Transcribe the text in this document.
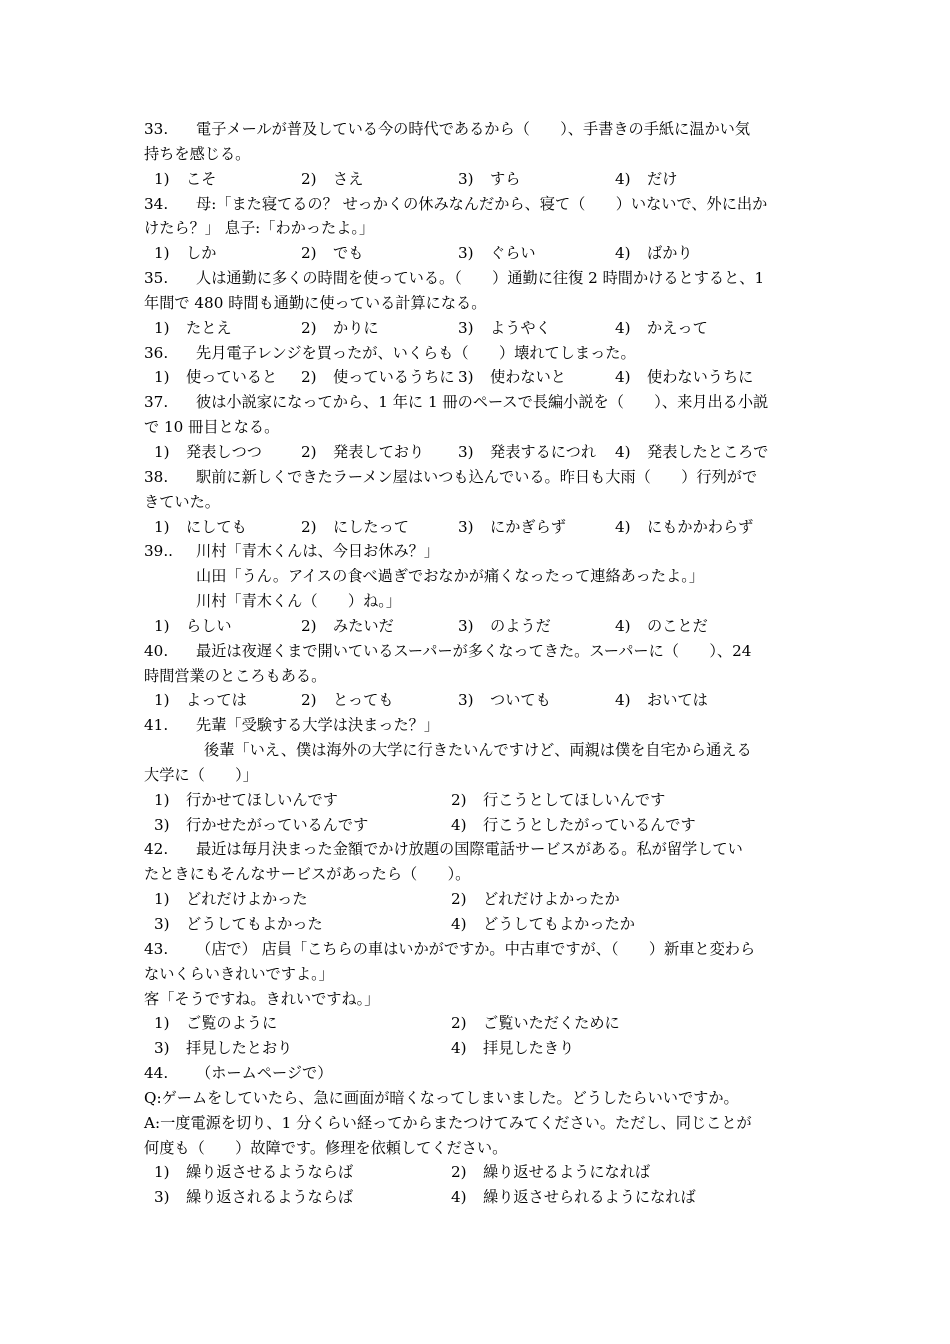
33. 電子メールが普及している今の時代であるから（　　）、手書きの手紙に温かい気
持ちを感じる。
1) こそ	2) さえ	3) すら	4) だけ
34. 母:「また寝てるの？ せっかくの休みなんだから、寝て（　　）いないで、外に出か
けたら？」 息子:「わかったよ。」
1) しか	2) でも	3) ぐらい	4) ばかり
35. 人は通勤に多くの時間を使っている。（　　）通勤に往復 2 時間かけるとすると、1
年間で 480 時間も通勤に使っている計算になる。
1) たとえ	2) かりに	3) ようやく	4) かえって
36. 先月電子レンジを買ったが、いくらも（　　）壊れてしまった。
1) 使っていると	2) 使っているうちに 3) 使わないと	4) 使わないうちに
37. 彼は小説家になってから、1 年に 1 冊のペースで長編小説を（　　）、来月出る小説
で 10 冊目となる。
1) 発表しつつ	2) 発表しており	3) 発表するにつれ	4) 発表したところで
38. 駅前に新しくできたラーメン屋はいつも込んでいる。昨日も大雨（　　）行列がで
きていた。
1) にしても	2) にしたって	3) にかぎらず	4) にもかかわらず
39.. 川村「青木くんは、今日お休み？」
山田「うん。アイスの食べ過ぎでおなかが痛くなったって連絡あったよ。」
川村「青木くん（　　）ね。」
1) らしい	2) みたいだ	3) のようだ	4) のことだ
40. 最近は夜遅くまで開いているスーパーが多くなってきた。スーパーに（　　）、24
時間営業のところもある。
1) よっては	2) とっても	3) ついても	4) おいては
41. 先輩「受験する大学は決まった？」
後輩「いえ、僕は海外の大学に行きたいんですけど、両親は僕を自宅から通える
大学に（　　）」
1) 行かせてほしいんです	2) 行こうとしてほしいんです
3) 行かせたがっているんです	4) 行こうとしたがっているんです
42. 最近は毎月決まった金額でかけ放題の国際電話サービスがある。私が留学してい
たときにもそんなサービスがあったら（　　）。
1) どれだけよかった	2) どれだけよかったか
3) どうしてもよかった	4) どうしてもよかったか
43. （店で） 店員「こちらの車はいかがですか。中古車ですが、（　　）新車と変わら
ないくらいきれいですよ。」
客「そうですね。きれいですね。」
1) ご覧のように	2) ご覧いただくために
3) 拝見したとおり	4) 拝見したきり
44. （ホームページで）
Q:ゲームをしていたら、急に画面が暗くなってしまいました。どうしたらいいですか。
A:一度電源を切り、1 分くらい経ってからまたつけてみてください。ただし、同じことが
何度も（　　）故障です。修理を依頼してください。
1) 繰り返させるようならば	2) 繰り返せるようになれば
3) 繰り返されるようならば	4) 繰り返させられるようになれば
